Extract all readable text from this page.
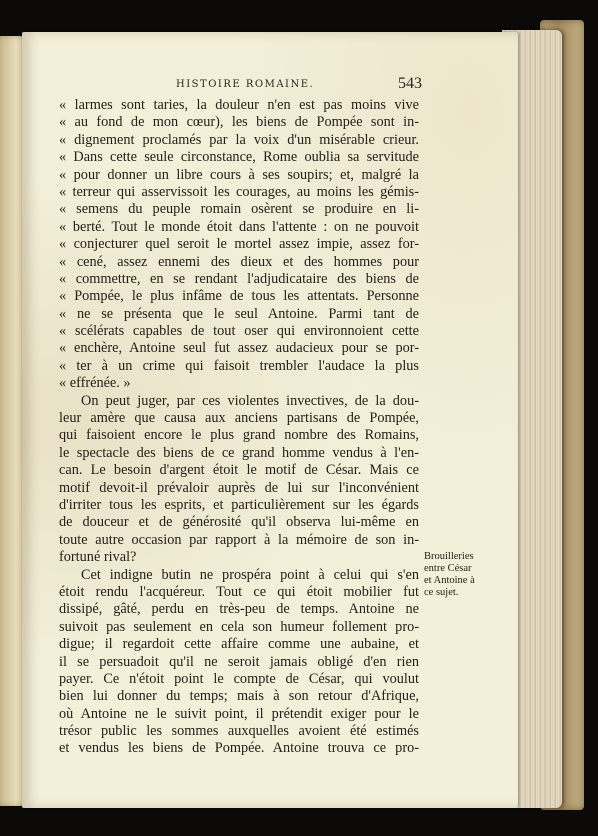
HISTOIRE ROMAINE.	543
« larmes sont taries, la douleur n'en est pas moins vive
« au fond de mon cœur), les biens de Pompée sont in-
« dignement proclamés par la voix d'un misérable crieur.
« Dans cette seule circonstance, Rome oublia sa servitude
« pour donner un libre cours à ses soupirs; et, malgré la
« terreur qui asservissoit les courages, au moins les gémis-
« semens du peuple romain osèrent se produire en li-
« berté. Tout le monde étoit dans l'attente : on ne pouvoit
« conjecturer quel seroit le mortel assez impie, assez for-
« cené, assez ennemi des dieux et des hommes pour
« commettre, en se rendant l'adjudicataire des biens de
« Pompée, le plus infâme de tous les attentats. Personne
« ne se présenta que le seul Antoine. Parmi tant de
« scélérats capables de tout oser qui environnoient cette
« enchère, Antoine seul fut assez audacieux pour se por-
« ter à un crime qui faisoit trembler l'audace la plus
« effrénée. »
On peut juger, par ces violentes invectives, de la dou-
leur amère que causa aux anciens partisans de Pompée,
qui faisoient encore le plus grand nombre des Romains,
le spectacle des biens de ce grand homme vendus à l'en-
can. Le besoin d'argent étoit le motif de César. Mais ce
motif devoit-il prévaloir auprès de lui sur l'inconvénient
d'irriter tous les esprits, et particulièrement sur les égards
de douceur et de générosité qu'il observa lui-même en
toute autre occasion par rapport à la mémoire de son in-
fortuné rival?
Cet indigne butin ne prospéra point à celui qui s'en
étoit rendu l'acquéreur. Tout ce qui étoit mobilier fut
dissipé, gâté, perdu en très-peu de temps. Antoine ne
suivoit pas seulement en cela son humeur follement pro-
digue; il regardoit cette affaire comme une aubaine, et
il se persuadoit qu'il ne seroit jamais obligé d'en rien
payer. Ce n'étoit point le compte de César, qui voulut
bien lui donner du temps; mais à son retour d'Afrique,
où Antoine ne le suivit point, il prétendit exiger pour le
trésor public les sommes auxquelles avoient été estimés
et vendus les biens de Pompée. Antoine trouva ce pro-
Brouilleries
entre César
et Antoine à
ce sujet.
